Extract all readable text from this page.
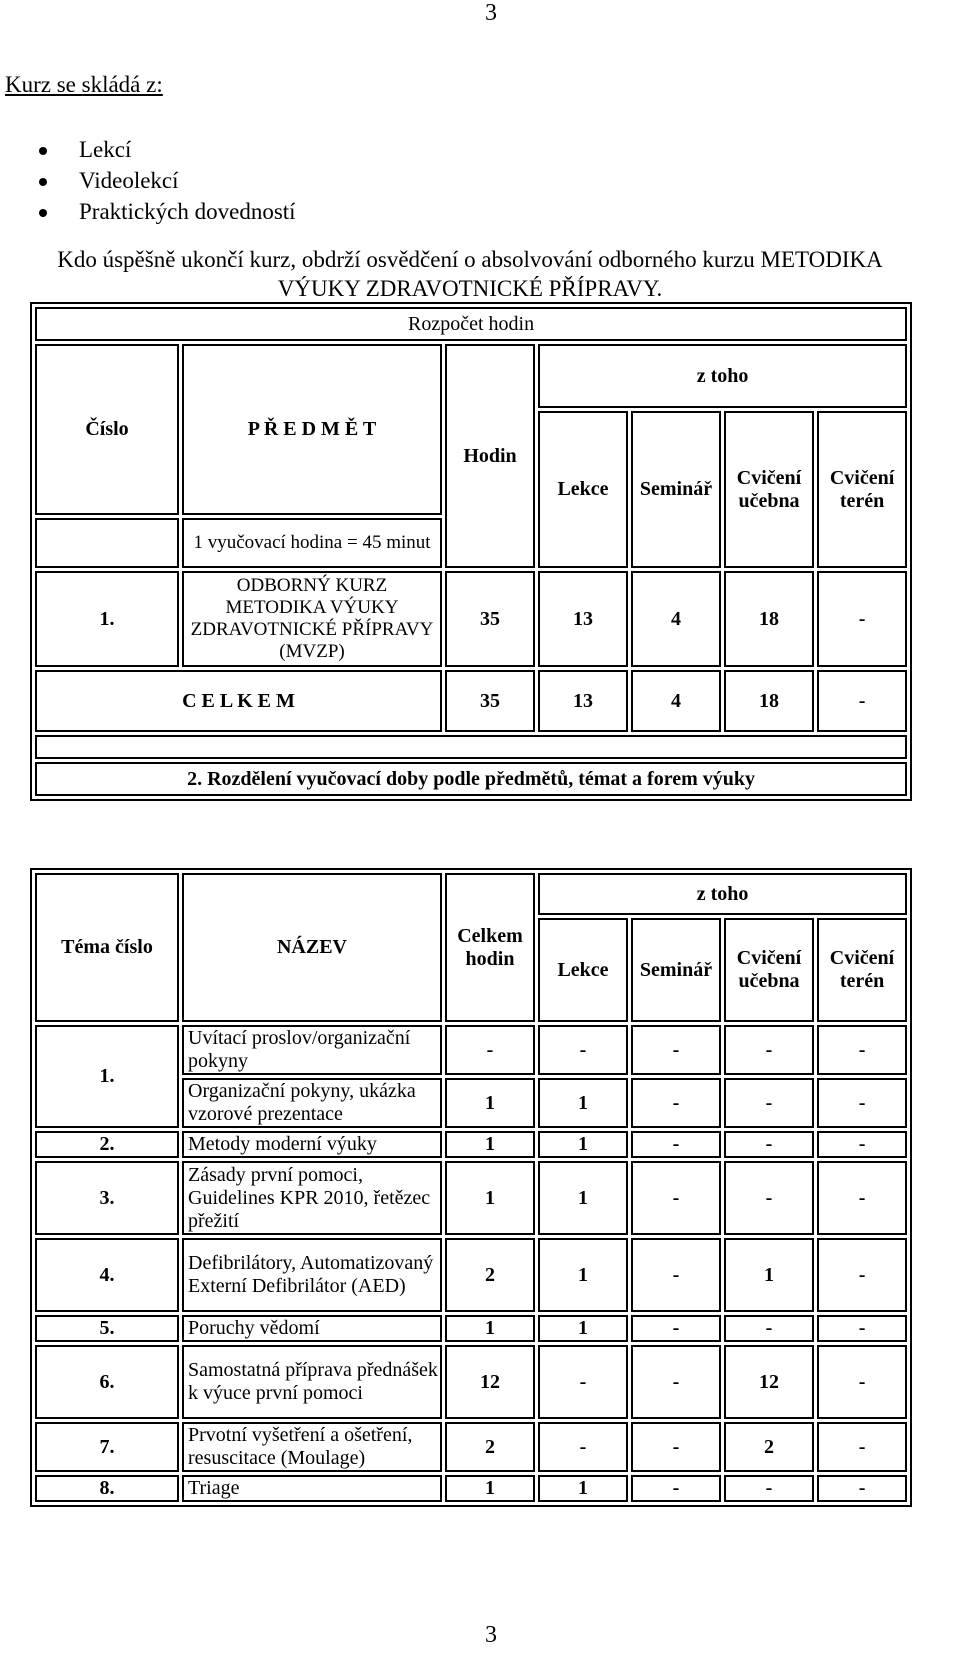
3
Kurz se skládá z:
Lekcí
Videolekcí
Praktických dovedností
Kdo úspěšně ukončí kurz, obdrží osvědčení o absolvování odborného kurzu METODIKA
VÝUKY ZDRAVOTNICKÉ PŘÍPRAVY.
Rozpočet hodin						
Číslo	P Ř E D M Ě T	Hodin	z toho			
			Lekce	Seminář	Cvičení učebna	Cvičení terén
	1 vyučovací hodina = 45 minut					
1.	ODBORNÝ KURZ METODIKA VÝUKY ZDRAVOTNICKÉ PŘÍPRAVY (MVZP)	35	13	4	18	-
C E L K E M		35	13	4	18	-

2. Rozdělení vyučovací doby podle předmětů, témat a forem výuky						
Téma číslo	NÁZEV	Celkem hodin	z toho			
			Lekce	Seminář	Cvičení učebna	Cvičení terén
1.	Uvítací proslov/organizační pokyny	-	-	-	-	-
	Organizační pokyny, ukázka vzorové prezentace	1	1	-	-	-
2.	Metody moderní výuky	1	1	-	-	-
3.	Zásady první pomoci, Guidelines KPR 2010, řetězec přežití	1	1	-	-	-
4.	Defibrilátory, Automatizovaný Externí Defibrilátor (AED)	2	1	-	1	-
5.	Poruchy vědomí	1	1	-	-	-
6.	Samostatná příprava přednášek k výuce první pomoci	12	-	-	12	-
7.	Prvotní vyšetření a ošetření, resuscitace (Moulage)	2	-	-	2	-
8.	Triage	1	1	-	-	-
3
